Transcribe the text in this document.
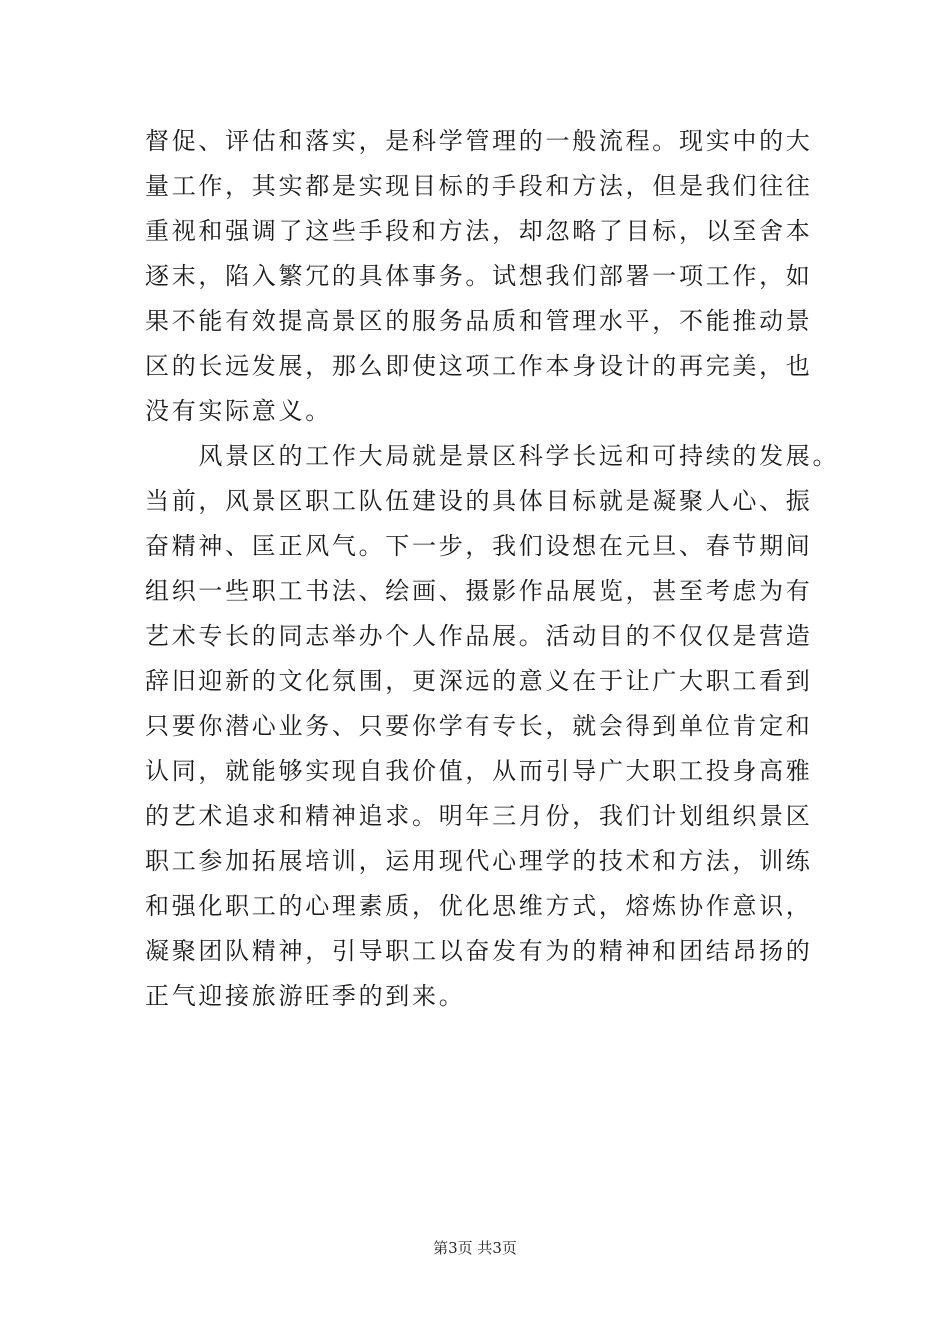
督促、评估和落实，是科学管理的一般流程。现实中的大
量工作，其实都是实现目标的手段和方法，但是我们往往
重视和强调了这些手段和方法，却忽略了目标，以至舍本
逐末，陷入繁冗的具体事务。试想我们部署一项工作，如
果不能有效提高景区的服务品质和管理水平，不能推动景
区的长远发展，那么即使这项工作本身设计的再完美，也
没有实际意义。
　　风景区的工作大局就是景区科学长远和可持续的发展。
当前，风景区职工队伍建设的具体目标就是凝聚人心、振
奋精神、匡正风气。下一步，我们设想在元旦、春节期间
组织一些职工书法、绘画、摄影作品展览，甚至考虑为有
艺术专长的同志举办个人作品展。活动目的不仅仅是营造
辞旧迎新的文化氛围，更深远的意义在于让广大职工看到
只要你潜心业务、只要你学有专长，就会得到单位肯定和
认同，就能够实现自我价值，从而引导广大职工投身高雅
的艺术追求和精神追求。明年三月份，我们计划组织景区
职工参加拓展培训，运用现代心理学的技术和方法，训练
和强化职工的心理素质，优化思维方式，熔炼协作意识，
凝聚团队精神，引导职工以奋发有为的精神和团结昂扬的
正气迎接旅游旺季的到来。
第3页 共3页
